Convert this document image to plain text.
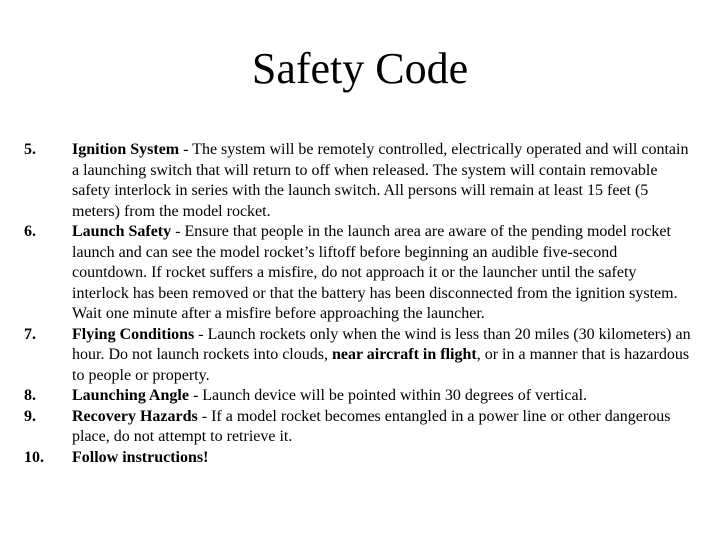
Safety Code
5.	Ignition System - The system will be remotely controlled, electrically operated and will contain a launching switch that will return to off when released. The system will contain removable safety interlock in series with the launch switch. All persons will remain at least 15 feet (5 meters) from the model rocket.
6.	Launch Safety - Ensure that people in the launch area are aware of the pending model rocket launch and can see the model rocket’s liftoff before beginning an audible five-second countdown. If rocket suffers a misfire, do not approach it or the launcher until the safety interlock has been removed or that the battery has been disconnected from the ignition system. Wait one minute after a misfire before approaching the launcher.
7.	Flying Conditions - Launch rockets only when the wind is less than 20 miles (30 kilometers) an hour. Do not launch rockets into clouds, near aircraft in flight, or in a manner that is hazardous to people or property.
8.	Launching Angle - Launch device will be pointed within 30 degrees of vertical.
9.	Recovery Hazards - If a model rocket becomes entangled in a power line or other dangerous place, do not attempt to retrieve it.
10.	Follow instructions!
